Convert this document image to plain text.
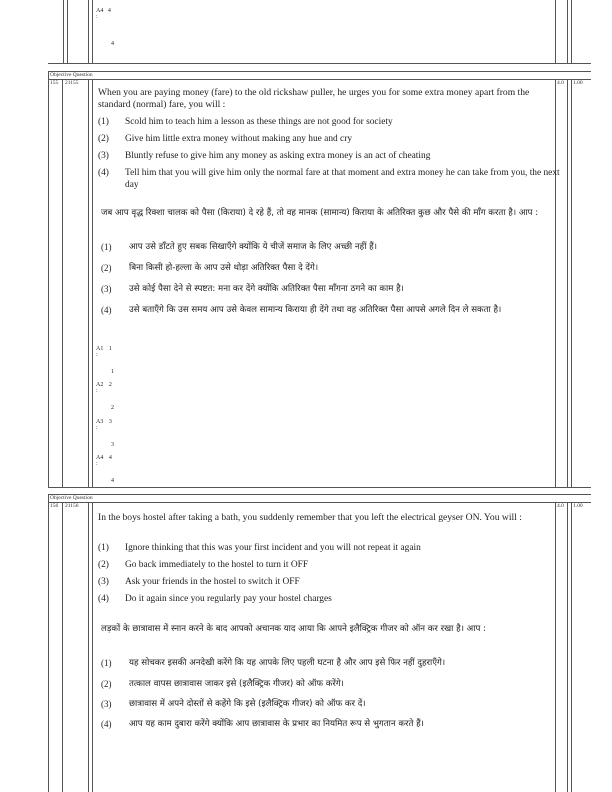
A4 4
:
4
Objective Question
155 21155	4.0 1.00
When you are paying money (fare) to the old rickshaw puller, he urges you for some extra money apart from the standard (normal) fare, you will :
(1) Scold him to teach him a lesson as these things are not good for society
(2) Give him little extra money without making any hue and cry
(3) Bluntly refuse to give him any money as asking extra money is an act of cheating
(4) Tell him that you will give him only the normal fare at that moment and extra money he can take from you, the next day
जब आप वृद्ध रिक्शा चालक को पैसा (किराया) दे रहे हैं, तो वह मानक (सामान्य) किराया के अतिरिक्त कुछ और पैसे की माँग करता है। आप :
(1) आप उसे डाँटते हुए सबक सिखाएँगे क्योंकि ये चीजें समाज के लिए अच्छी नहीं हैं।
(2) बिना किसी हो-हल्ला के आप उसे थोड़ा अतिरिक्त पैसा दे देंगे।
(3) उसे कोई पैसा देने से स्पष्टत: मना कर देंगे क्योंकि अतिरिक्त पैसा माँगना ठगने का काम है।
(4) उसे बताएँगे कि उस समय आप उसे केवल सामान्य किराया ही देंगे तथा वह अतिरिक्त पैसा आपसे अगले दिन ले सकता है।
A1 1
:
1
A2 2
:
2
A3 3
:
3
A4 4
:
4
Objective Question
156 21156	4.0 1.00
In the boys hostel after taking a bath, you suddenly remember that you left the electrical geyser ON. You will :
(1) Ignore thinking that this was your first incident and you will not repeat it again
(2) Go back immediately to the hostel to turn it OFF
(3) Ask your friends in the hostel to switch it OFF
(4) Do it again since you regularly pay your hostel charges
लड़कों के छात्रावास में स्नान करने के बाद आपको अचानक याद आया कि आपने इलैक्ट्रिक गीजर को ऑन कर रखा है। आप :
(1) यह सोचकर इसकी अनदेखी करेंगे कि यह आपके लिए पहली घटना है और आप इसे फिर नहीं दुहराएँगे।
(2) तत्काल वापस छात्रावास जाकर इसे (इलैक्ट्रिक गीजर) को ऑफ करेंगे।
(3) छात्रावास में अपने दोस्तों से कहेंगे कि इसे (इलैक्ट्रिक गीजर) को ऑफ कर दें।
(4) आप यह काम दुबारा करेंगे क्योंकि आप छात्रावास के प्रभार का नियमित रूप से भुगतान करते हैं।
